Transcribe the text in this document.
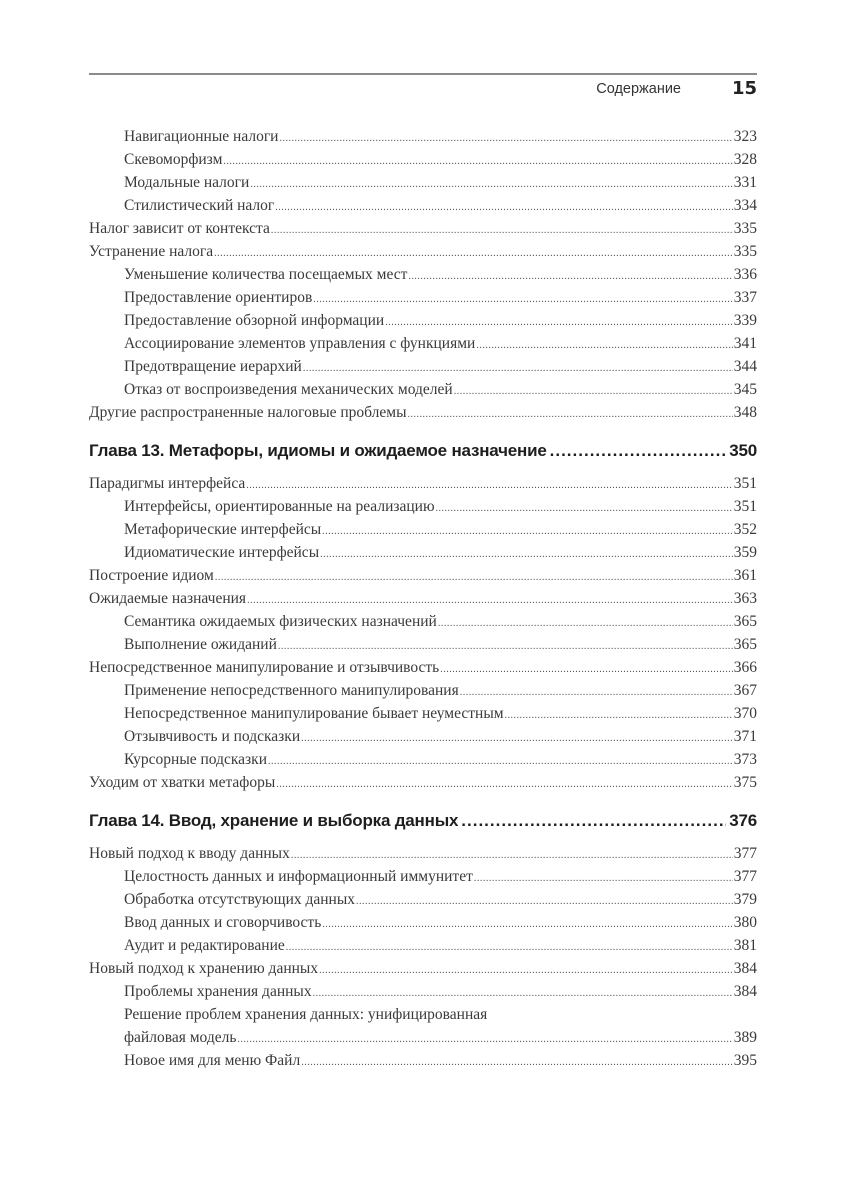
Содержание	15
Навигационные налоги .....	323
Скевоморфизм .....	328
Модальные налоги .....	331
Стилистический налог .....	334
Налог зависит от контекста .....	335
Устранение налога .....	335
Уменьшение количества посещаемых мест .....	336
Предоставление ориентиров .....	337
Предоставление обзорной информации .....	339
Ассоциирование элементов управления с функциями .....	341
Предотвращение иерархий .....	344
Отказ от воспроизведения механических моделей .....	345
Другие распространенные налоговые проблемы .....	348
Глава 13. Метафоры, идиомы и ожидаемое назначение .....	350
Парадигмы интерфейса .....	351
Интерфейсы, ориентированные на реализацию .....	351
Метафорические интерфейсы .....	352
Идиоматические интерфейсы .....	359
Построение идиом .....	361
Ожидаемые назначения .....	363
Семантика ожидаемых физических назначений .....	365
Выполнение ожиданий .....	365
Непосредственное манипулирование и отзывчивость .....	366
Применение непосредственного манипулирования .....	367
Непосредственное манипулирование бывает неуместным .....	370
Отзывчивость и подсказки .....	371
Курсорные подсказки .....	373
Уходим от хватки метафоры .....	375
Глава 14. Ввод, хранение и выборка данных .....	376
Новый подход к вводу данных .....	377
Целостность данных и информационный иммунитет .....	377
Обработка отсутствующих данных .....	379
Ввод данных и сговорчивость .....	380
Аудит и редактирование .....	381
Новый подход к хранению данных .....	384
Проблемы хранения данных .....	384
Решение проблем хранения данных: унифицированная
файловая модель .....	389
Новое имя для меню Файл .....	395
